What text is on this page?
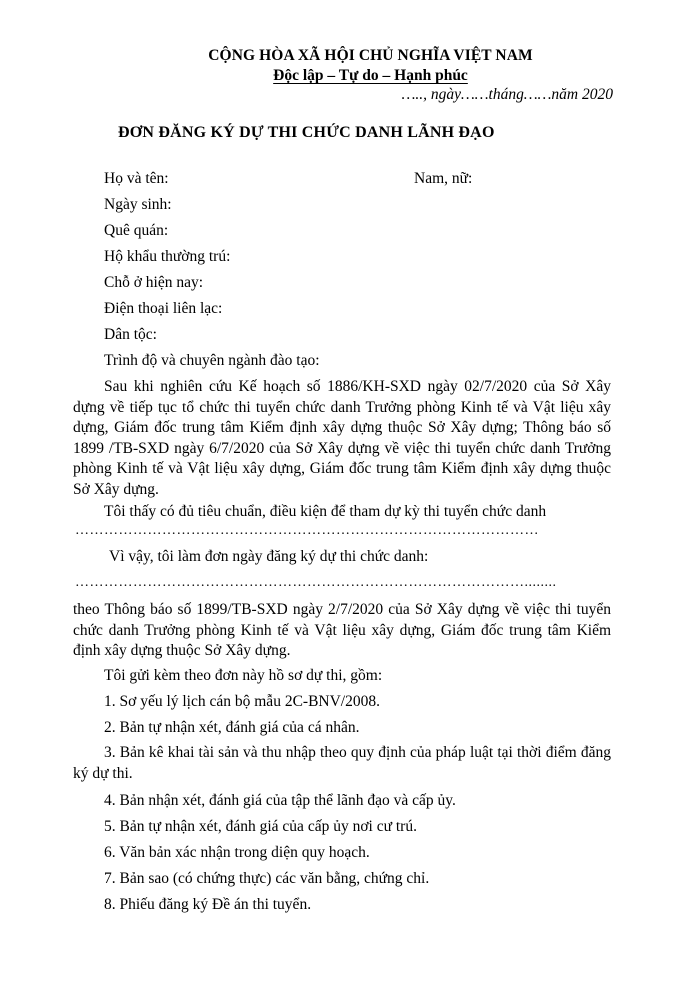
CỘNG HÒA XÃ HỘI CHỦ NGHĨA VIỆT NAM
Độc lập – Tự do – Hạnh phúc
….., ngày……tháng……năm 2020
ĐƠN ĐĂNG KÝ DỰ THI CHỨC DANH LÃNH ĐẠO
Họ và tên:	Nam, nữ:
Ngày sinh:
Quê quán:
Hộ khẩu thường trú:
Chỗ ở hiện nay:
Điện thoại liên lạc:
Dân tộc:
Trình độ và chuyên ngành đào tạo:
Sau khi nghiên cứu Kế hoạch số 1886/KH-SXD ngày 02/7/2020 của Sở Xây dựng về tiếp tục tổ chức thi tuyển chức danh Trưởng phòng Kinh tế và Vật liệu xây dựng, Giám đốc trung tâm Kiểm định xây dựng thuộc Sở Xây dựng; Thông báo số 1899 /TB-SXD ngày 6/7/2020 của Sở Xây dựng về việc thi tuyển chức danh Trưởng phòng Kinh tế và Vật liệu xây dựng, Giám đốc trung tâm Kiểm định xây dựng thuộc Sở Xây dựng.
Tôi thấy có đủ tiêu chuẩn, điều kiện để tham dự kỳ thi tuyển chức danh
……………………………………………………………………………………
Vì vậy, tôi làm đơn ngày đăng ký dự thi chức danh:
…………………………………………………………………………………........
theo Thông báo số 1899/TB-SXD ngày 2/7/2020 của Sở Xây dựng về việc thi tuyển chức danh Trưởng phòng Kinh tế và Vật liệu xây dựng, Giám đốc trung tâm Kiểm định xây dựng thuộc Sở Xây dựng.
Tôi gửi kèm theo đơn này hồ sơ dự thi, gồm:
1. Sơ yếu lý lịch cán bộ mẫu 2C-BNV/2008.
2. Bản tự nhận xét, đánh giá của cá nhân.
3. Bản kê khai tài sản và thu nhập theo quy định của pháp luật tại thời điểm đăng ký dự thi.
4. Bản nhận xét, đánh giá của tập thể lãnh đạo và cấp ủy.
5. Bản tự nhận xét, đánh giá của cấp ủy nơi cư trú.
6. Văn bản xác nhận trong diện quy hoạch.
7. Bản sao (có chứng thực) các văn bằng, chứng chỉ.
8. Phiếu đăng ký Đề án thi tuyển.
